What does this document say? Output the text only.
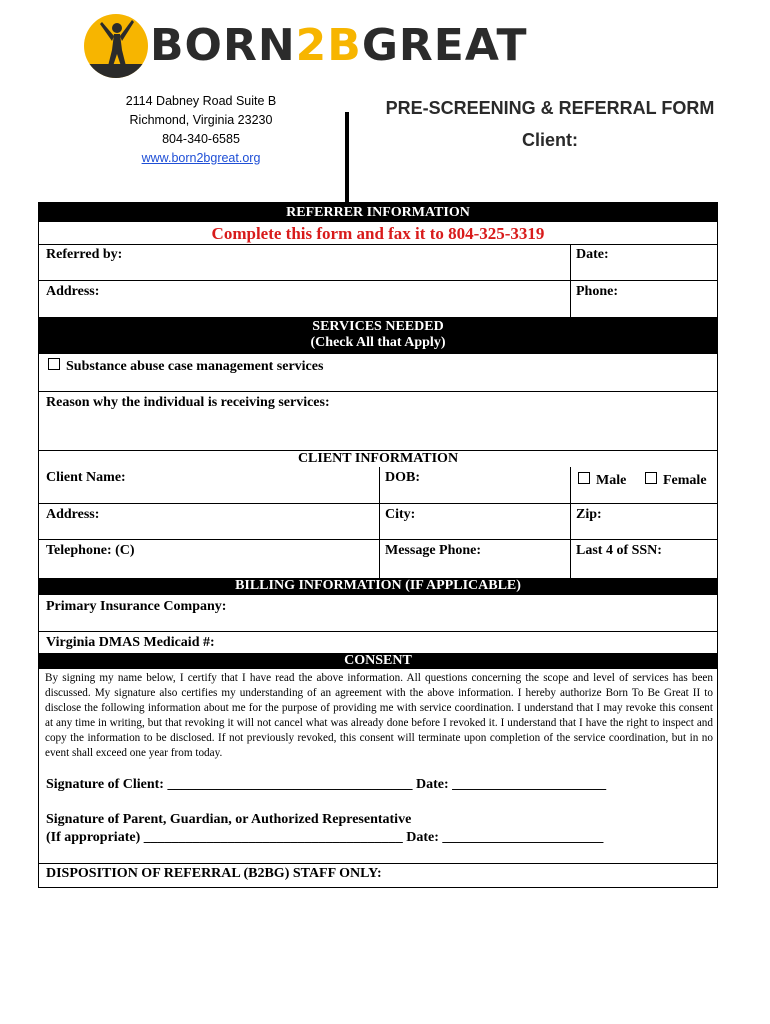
BORN2BGREAT
2114 Dabney Road Suite B
Richmond, Virginia 23230
804-340-6585
www.born2bgreat.org
PRE-SCREENING & REFERRAL FORM
Client:
REFERRER INFORMATION
Complete this form and fax it to 804-325-3319
Referred by:	Date:
Address:	Phone:
SERVICES NEEDED
(Check All that Apply)
Substance abuse case management services
Reason why the individual is receiving services:
CLIENT INFORMATION
Client Name:	DOB:	Male	Female
Address:	City:	Zip:
Telephone: (C)	Message Phone:	Last 4 of SSN:
BILLING INFORMATION (IF APPLICABLE)
Primary Insurance Company:
Virginia DMAS Medicaid #:
CONSENT
By signing my name below, I certify that I have read the above information. All questions concerning the scope and level of services has been discussed. My signature also certifies my understanding of an agreement with the above information. I hereby authorize Born To Be Great II to disclose the following information about me for the purpose of providing me with service coordination. I understand that I may revoke this consent at any time in writing, but that revoking it will not cancel what was already done before I revoked it. I understand that I have the right to inspect and copy the information to be disclosed. If not previously revoked, this consent will terminate upon completion of the service coordination, but in no event shall exceed one year from today.
Signature of Client: ___________________________________ Date: ______________________
Signature of Parent, Guardian, or Authorized Representative
(If appropriate) _____________________________________ Date: _______________________
DISPOSITION OF REFERRAL (B2BG) STAFF ONLY:
